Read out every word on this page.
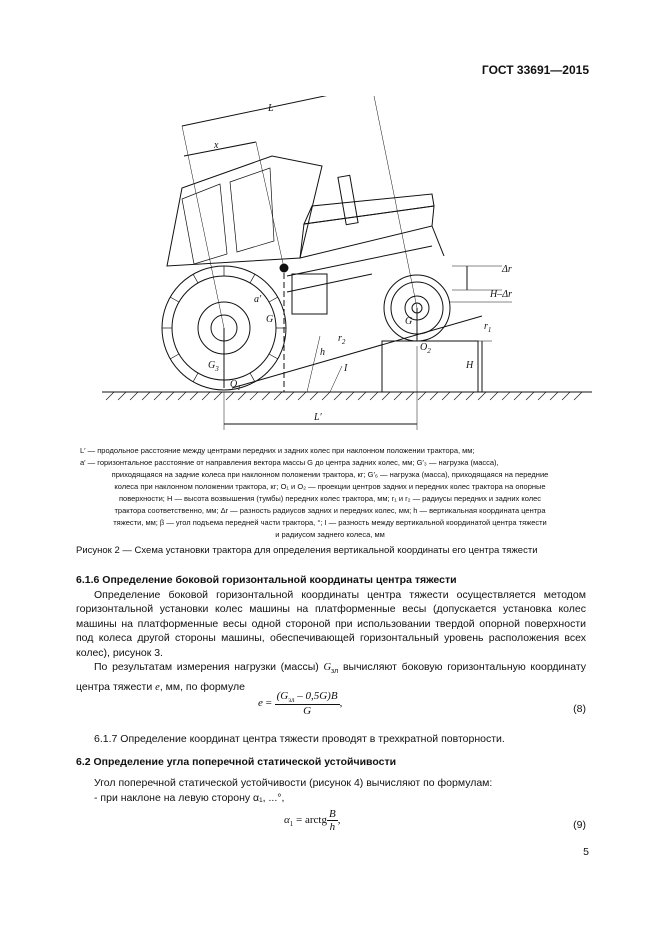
ГОСТ 33691—2015
L
x
Δr
H–Δr
a′
G
$G_3$
G
$O_1$
$O_2$
$r_1$
$r_2$
h
I	H
L′
L′ — продольное расстояние между центрами передних и задних колес при наклонном положении трактора, мм;
a′ — горизонтальное расстояние от направления вектора массы G до центра задних колес, мм; G′₃ — нагрузка (масса),
приходящаяся на задние колеса при наклонном положении трактора, кг; G′₆ — нагрузка (масса), приходящаяся на передние
колеса при наклонном положении трактора, кг; O₁ и O₂ — проекции центров задних и передних колес трактора на опорные
поверхности; H — высота возвышения (тумбы) передних колес трактора, мм; r₁ и r₂ — радиусы передних и задних колес
трактора соответственно, мм; Δr — разность радиусов задних и передних колес, мм; h — вертикальная координата центра
тяжести, мм; β — угол подъема передней части трактора, °; I — разность между вертикальной координатой центра тяжести
и радиусом заднего колеса, мм
Рисунок 2 — Схема установки трактора для определения вертикальной координаты его центра тяжести
6.1.6 Определение боковой горизонтальной координаты центра тяжести
Определение боковой горизонтальной координаты центра тяжести осуществляется методом горизонтальной установки колес машины на платформенные весы (допускается установка колес машины на платформенные весы одной стороной при использовании твердой опорной поверхности под колеса другой стороны машины, обеспечивающей горизонтальный уровень расположения всех колес), рисунок 3.
По результатам измерения нагрузки (массы) $G_{зл}$ вычисляют боковую горизонтальную координату центра тяжести e, мм, по формуле
$e = \frac{(G_{зл} - 0,5G)B}{G}$ ,	(8)
6.1.7 Определение координат центра тяжести проводят в трехкратной повторности.
6.2 Определение угла поперечной статической устойчивости
Угол поперечной статической устойчивости (рисунок 4) вычисляют по формулам:
- при наклоне на левую сторону α₁, ...°,
$\alpha_1$ = arctg $\frac{B}{h}$ ,	(9)
5
